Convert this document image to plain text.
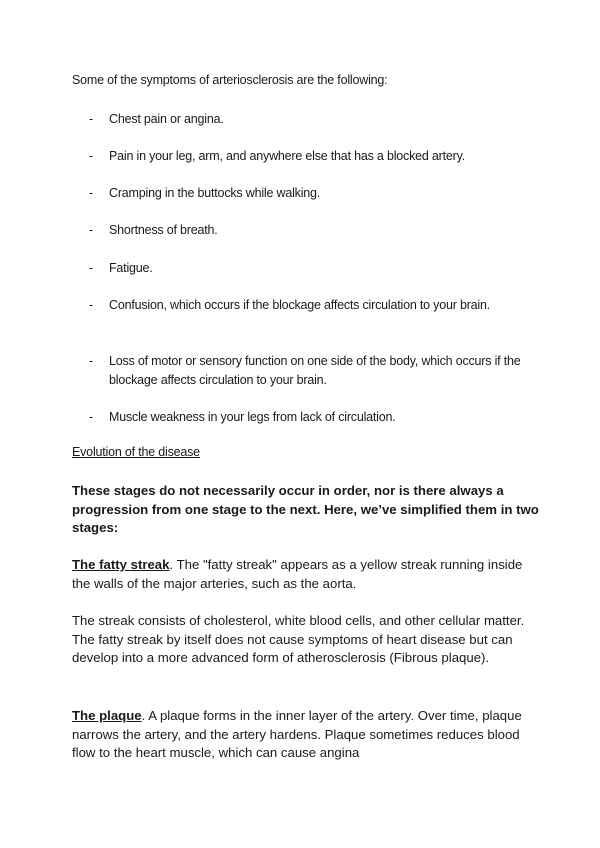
Some of the symptoms of arteriosclerosis are the following:
- Chest pain or angina.
- Pain in your leg, arm, and anywhere else that has a blocked artery.
- Cramping in the buttocks while walking.
- Shortness of breath.
- Fatigue.
- Confusion, which occurs if the blockage affects circulation to your brain.
- Loss of motor or sensory function on one side of the body, which occurs if the blockage affects circulation to your brain.
- Muscle weakness in your legs from lack of circulation.
Evolution of the disease
These stages do not necessarily occur in order, nor is there always a progression from one stage to the next. Here, we’ve simplified them in two stages:

The fatty streak. The "fatty streak" appears as a yellow streak running inside the walls of the major arteries, such as the aorta.

The streak consists of cholesterol, white blood cells, and other cellular matter. The fatty streak by itself does not cause symptoms of heart disease but can develop into a more advanced form of atherosclerosis (Fibrous plaque).

The plaque. A plaque forms in the inner layer of the artery. Over time, plaque narrows the artery, and the artery hardens. Plaque sometimes reduces blood flow to the heart muscle, which can cause angina
